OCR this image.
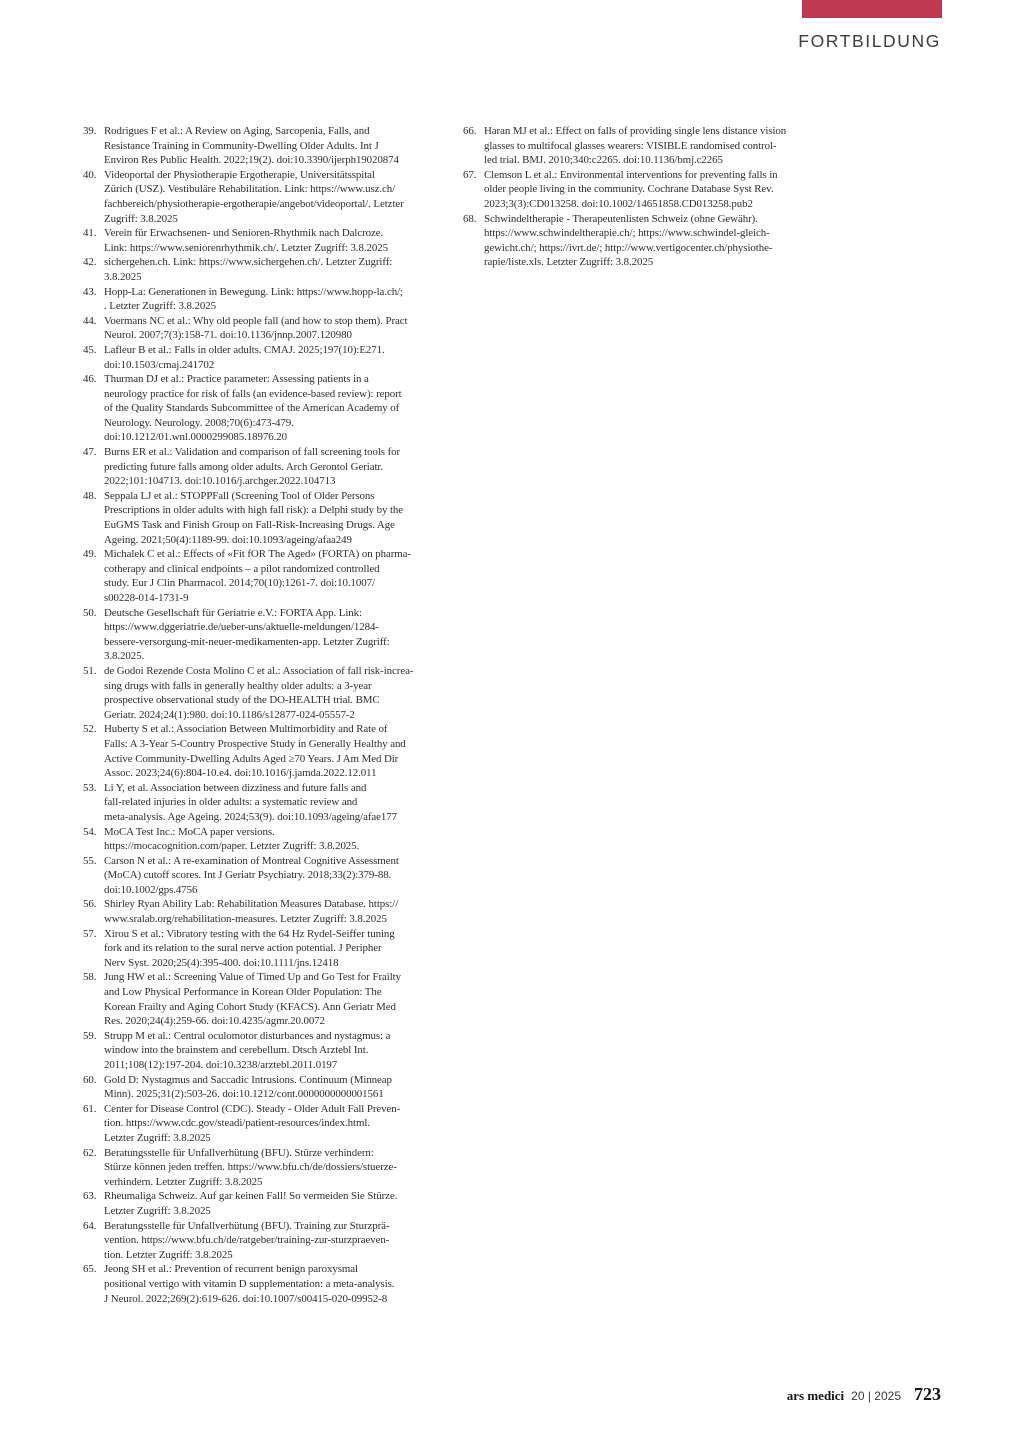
FORTBILDUNG
39. Rodrigues F et al.: A Review on Aging, Sarcopenia, Falls, and
Resistance Training in Community-Dwelling Older Adults. Int J
Environ Res Public Health. 2022;19(2). doi:10.3390/ijerph19020874
40. Videoportal der Physiotherapie Ergotherapie, Universitätsspital
Zürich (USZ). Vestibuläre Rehabilitation. Link: https://www.usz.ch/
fachbereich/physiotherapie-ergotherapie/angebot/videoportal/. Letzter
Zugriff: 3.8.2025
41. Verein für Erwachsenen- und Senioren-Rhythmik nach Dalcroze.
Link: https://www.seniorenrhythmik.ch/. Letzter Zugriff: 3.8.2025
42. sichergehen.ch. Link: https://www.sichergehen.ch/. Letzter Zugriff:
3.8.2025
43. Hopp-La: Generationen in Bewegung. Link: https://www.hopp-la.ch/;
. Letzter Zugriff: 3.8.2025
44. Voermans NC et al.: Why old people fall (and how to stop them). Pract
Neurol. 2007;7(3):158-71. doi:10.1136/jnnp.2007.120980
45. Lafleur B et al.: Falls in older adults. CMAJ. 2025;197(10):E271.
doi:10.1503/cmaj.241702
46. Thurman DJ et al.: Practice parameter: Assessing patients in a
neurology practice for risk of falls (an evidence-based review): report
of the Quality Standards Subcommittee of the American Academy of
Neurology. Neurology. 2008;70(6):473-479.
doi:10.1212/01.wnl.0000299085.18976.20
47. Burns ER et al.: Validation and comparison of fall screening tools for
predicting future falls among older adults. Arch Gerontol Geriatr.
2022;101:104713. doi:10.1016/j.archger.2022.104713
48. Seppala LJ et al.: STOPPFall (Screening Tool of Older Persons
Prescriptions in older adults with high fall risk): a Delphi study by the
EuGMS Task and Finish Group on Fall-Risk-Increasing Drugs. Age
Ageing. 2021;50(4):1189-99. doi:10.1093/ageing/afaa249
49. Michalek C et al.: Effects of «Fit fOR The Aged» (FORTA) on pharma-
cotherapy and clinical endpoints – a pilot randomized controlled
study. Eur J Clin Pharmacol. 2014;70(10):1261-7. doi:10.1007/
s00228-014-1731-9
50. Deutsche Gesellschaft für Geriatrie e.V.: FORTA App. Link:
https://www.dggeriatrie.de/ueber-uns/aktuelle-meldungen/1284-
bessere-versorgung-mit-neuer-medikamenten-app. Letzter Zugriff:
3.8.2025.
51. de Godoi Rezende Costa Molino C et al.: Association of fall risk-increa-
sing drugs with falls in generally healthy older adults: a 3-year
prospective observational study of the DO-HEALTH trial. BMC
Geriatr. 2024;24(1):980. doi:10.1186/s12877-024-05557-2
52. Huberty S et al.: Association Between Multimorbidity and Rate of
Falls: A 3-Year 5-Country Prospective Study in Generally Healthy and
Active Community-Dwelling Adults Aged ≥70 Years. J Am Med Dir
Assoc. 2023;24(6):804-10.e4. doi:10.1016/j.jamda.2022.12.011
53. Li Y, et al. Association between dizziness and future falls and
fall-related injuries in older adults: a systematic review and
meta-analysis. Age Ageing. 2024;53(9). doi:10.1093/ageing/afae177
54. MoCA Test Inc.: MoCA paper versions.
https://mocacognition.com/paper. Letzter Zugriff: 3.8.2025.
55. Carson N et al.: A re-examination of Montreal Cognitive Assessment
(MoCA) cutoff scores. Int J Geriatr Psychiatry. 2018;33(2):379-88.
doi:10.1002/gps.4756
56. Shirley Ryan Ability Lab: Rehabilitation Measures Database. https://
www.sralab.org/rehabilitation-measures. Letzter Zugriff: 3.8.2025
57. Xirou S et al.: Vibratory testing with the 64 Hz Rydel-Seiffer tuning
fork and its relation to the sural nerve action potential. J Peripher
Nerv Syst. 2020;25(4):395-400. doi:10.1111/jns.12418
58. Jung HW et al.: Screening Value of Timed Up and Go Test for Frailty
and Low Physical Performance in Korean Older Population: The
Korean Frailty and Aging Cohort Study (KFACS). Ann Geriatr Med
Res. 2020;24(4):259-66. doi:10.4235/agmr.20.0072
59. Strupp M et al.: Central oculomotor disturbances and nystagmus: a
window into the brainstem and cerebellum. Dtsch Arztebl Int.
2011;108(12):197-204. doi:10.3238/arztebl.2011.0197
60. Gold D: Nystagmus and Saccadic Intrusions. Continuum (Minneap
Minn). 2025;31(2):503-26. doi:10.1212/cont.0000000000001561
61. Center for Disease Control (CDC). Steady - Older Adult Fall Preven-
tion. https://www.cdc.gov/steadi/patient-resources/index.html.
Letzter Zugriff: 3.8.2025
62. Beratungsstelle für Unfallverhütung (BFU). Stürze verhindern:
Stürze können jeden treffen. https://www.bfu.ch/de/dossiers/stuerze-
verhindern. Letzter Zugriff: 3.8.2025
63. Rheumaliga Schweiz. Auf gar keinen Fall! So vermeiden Sie Stürze.
Letzter Zugriff: 3.8.2025
64. Beratungsstelle für Unfallverhütung (BFU). Training zur Sturzprä-
vention. https://www.bfu.ch/de/ratgeber/training-zur-sturzpraeven-
tion. Letzter Zugriff: 3.8.2025
65. Jeong SH et al.: Prevention of recurrent benign paroxysmal
positional vertigo with vitamin D supplementation: a meta-analysis.
J Neurol. 2022;269(2):619-626. doi:10.1007/s00415-020-09952-8
66. Haran MJ et al.: Effect on falls of providing single lens distance vision
glasses to multifocal glasses wearers: VISIBLE randomised control-
led trial. BMJ. 2010;340:c2265. doi:10.1136/bmj.c2265
67. Clemson L et al.: Environmental interventions for preventing falls in
older people living in the community. Cochrane Database Syst Rev.
2023;3(3):CD013258. doi:10.1002/14651858.CD013258.pub2
68. Schwindeltherapie - Therapeutenlisten Schweiz (ohne Gewähr).
https://www.schwindeltherapie.ch/; https://www.schwindel-gleich-
gewicht.ch/; https://ivrt.de/; http://www.vertigocenter.ch/physiothe-
rapie/liste.xls. Letzter Zugriff: 3.8.2025
ars medici 20 | 2025 723
